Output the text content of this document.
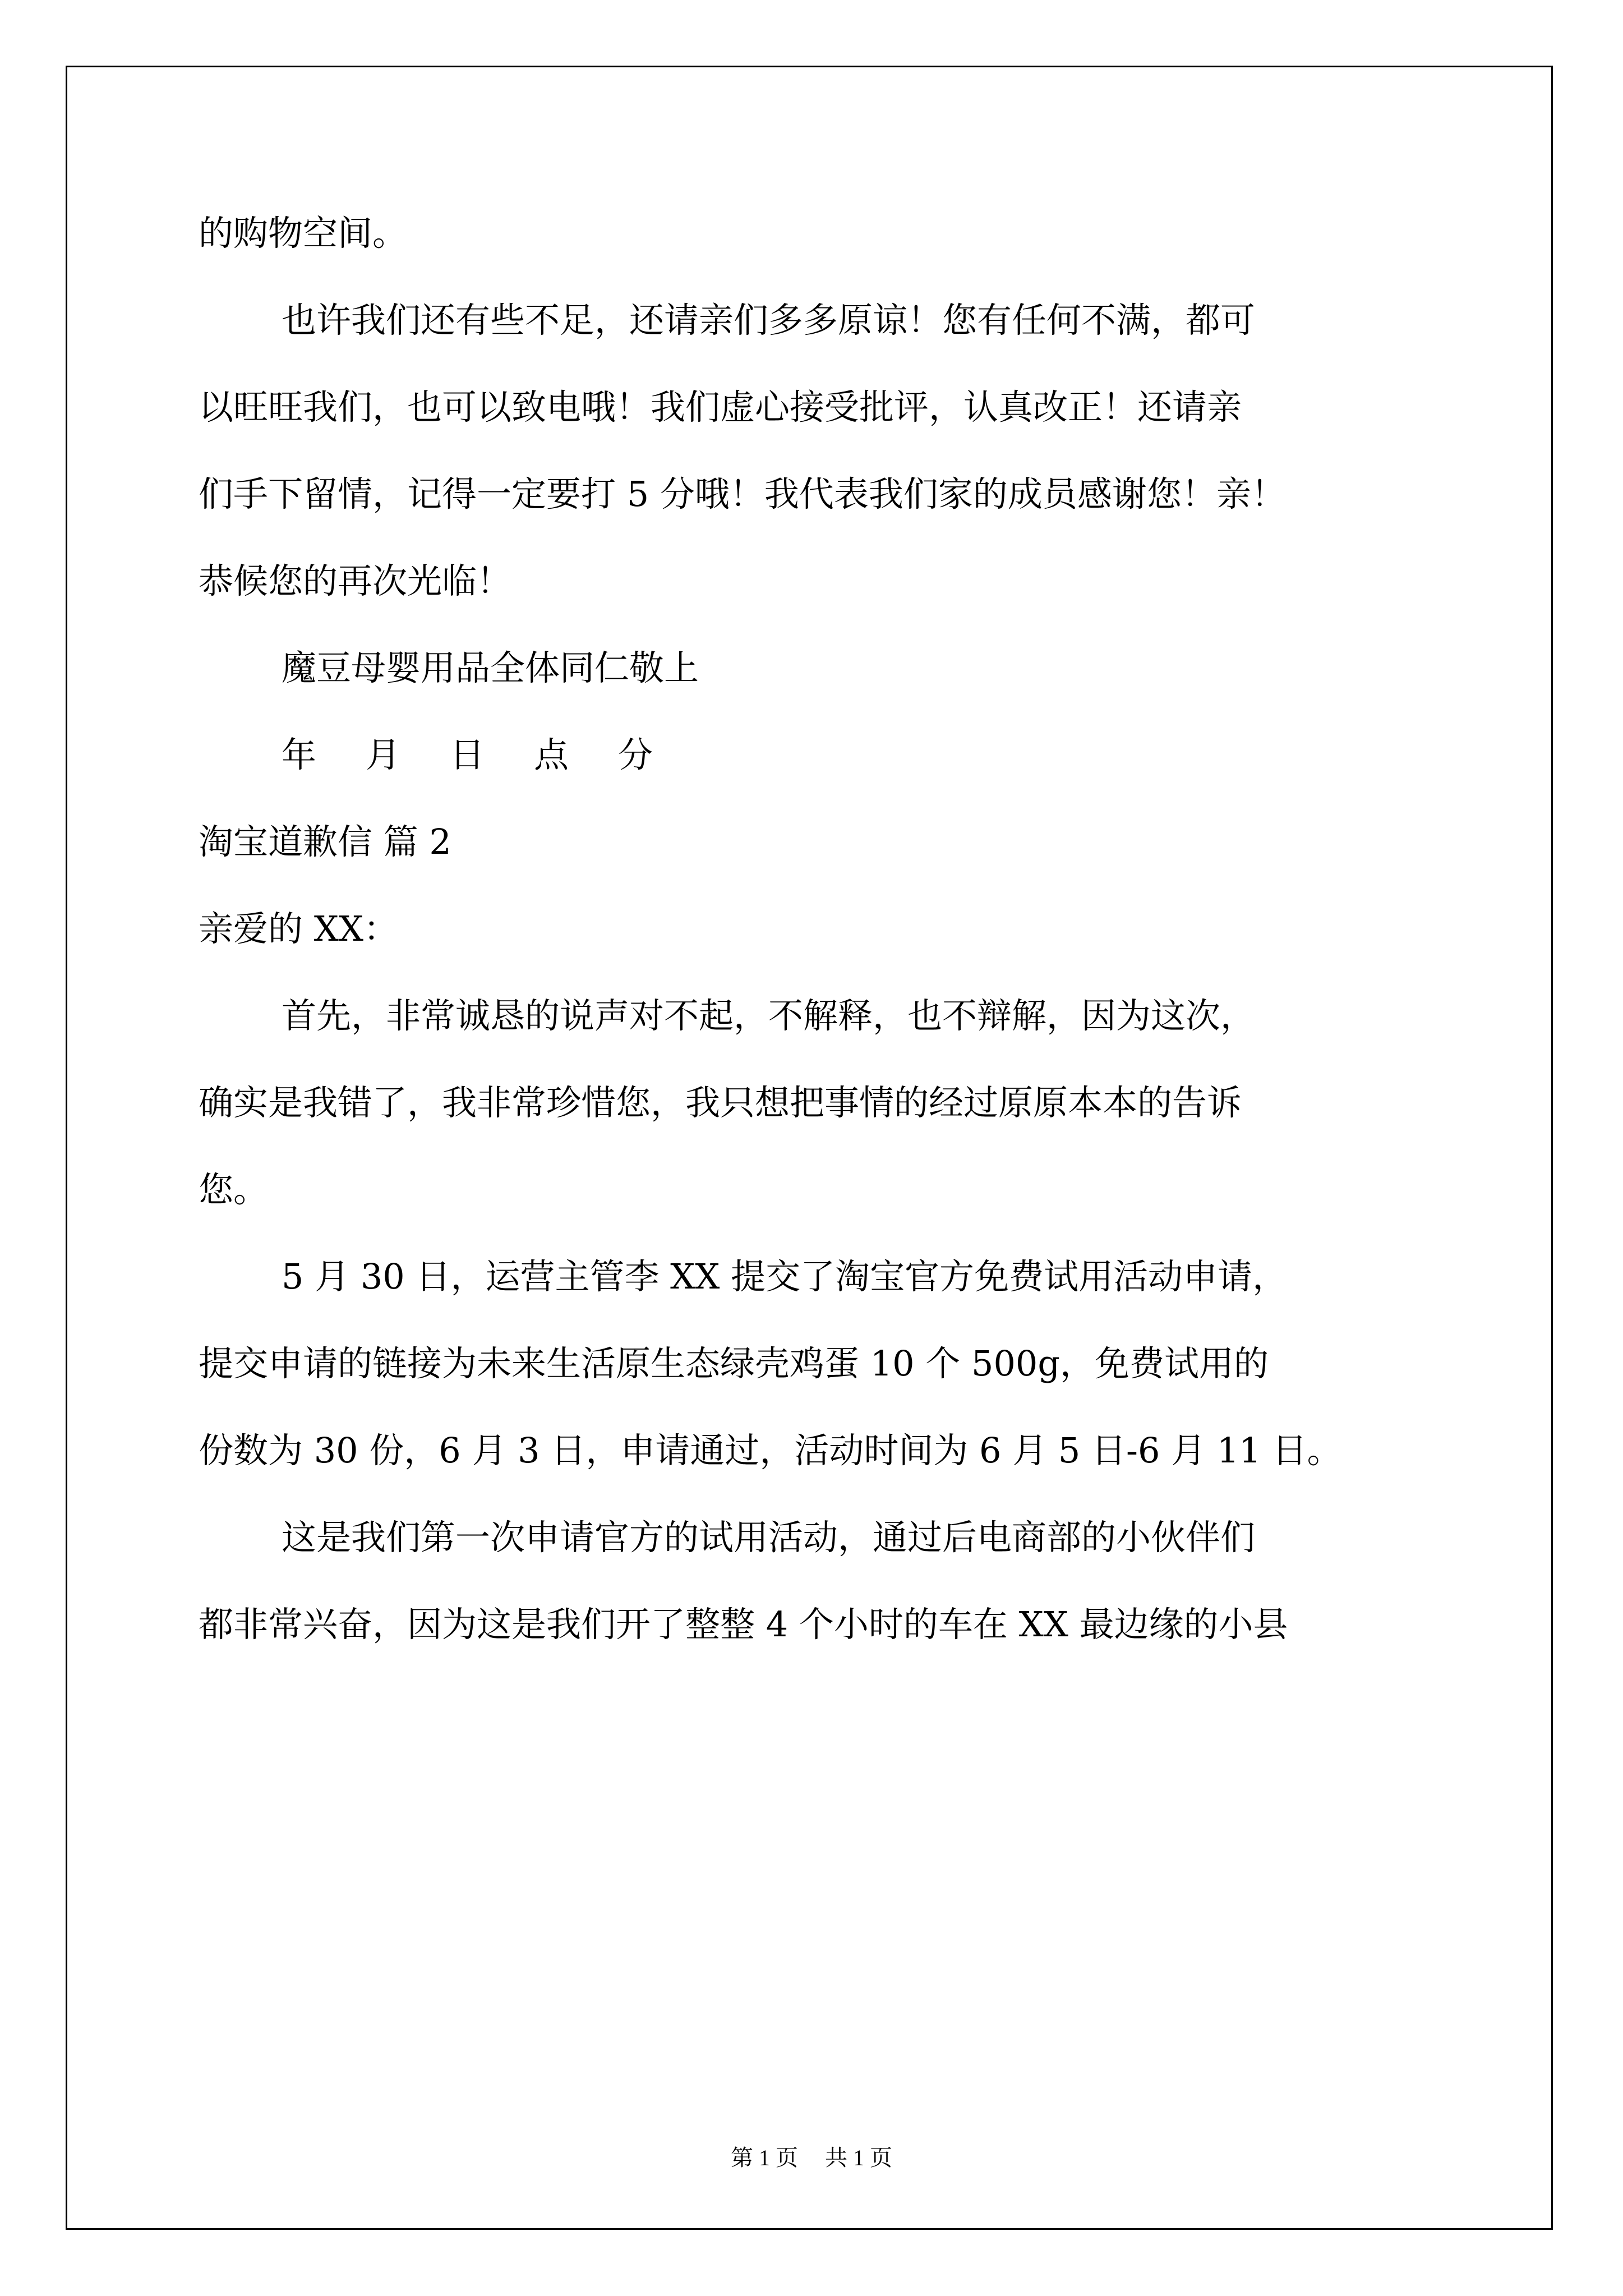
的购物空间。
也许我们还有些不足，还请亲们多多原谅！您有任何不满，都可
以旺旺我们，也可以致电哦！我们虚心接受批评，认真改正！还请亲
们手下留情，记得一定要打 5 分哦！我代表我们家的成员感谢您！亲！
恭候您的再次光临！
魔豆母婴用品全体同仁敬上
年 月 日 点 分
淘宝道歉信 篇 2
亲爱的 XX：
首先，非常诚恳的说声对不起，不解释，也不辩解，因为这次，
确实是我错了，我非常珍惜您，我只想把事情的经过原原本本的告诉
您。
5 月 30 日，运营主管李 XX 提交了淘宝官方免费试用活动申请，
提交申请的链接为未来生活原生态绿壳鸡蛋 10 个 500g，免费试用的
份数为 30 份，6 月 3 日，申请通过，活动时间为 6 月 5 日-6 月 11 日。
这是我们第一次申请官方的试用活动，通过后电商部的小伙伴们
都非常兴奋，因为这是我们开了整整 4 个小时的车在 XX 最边缘的小县
第 1 页 共 1 页
